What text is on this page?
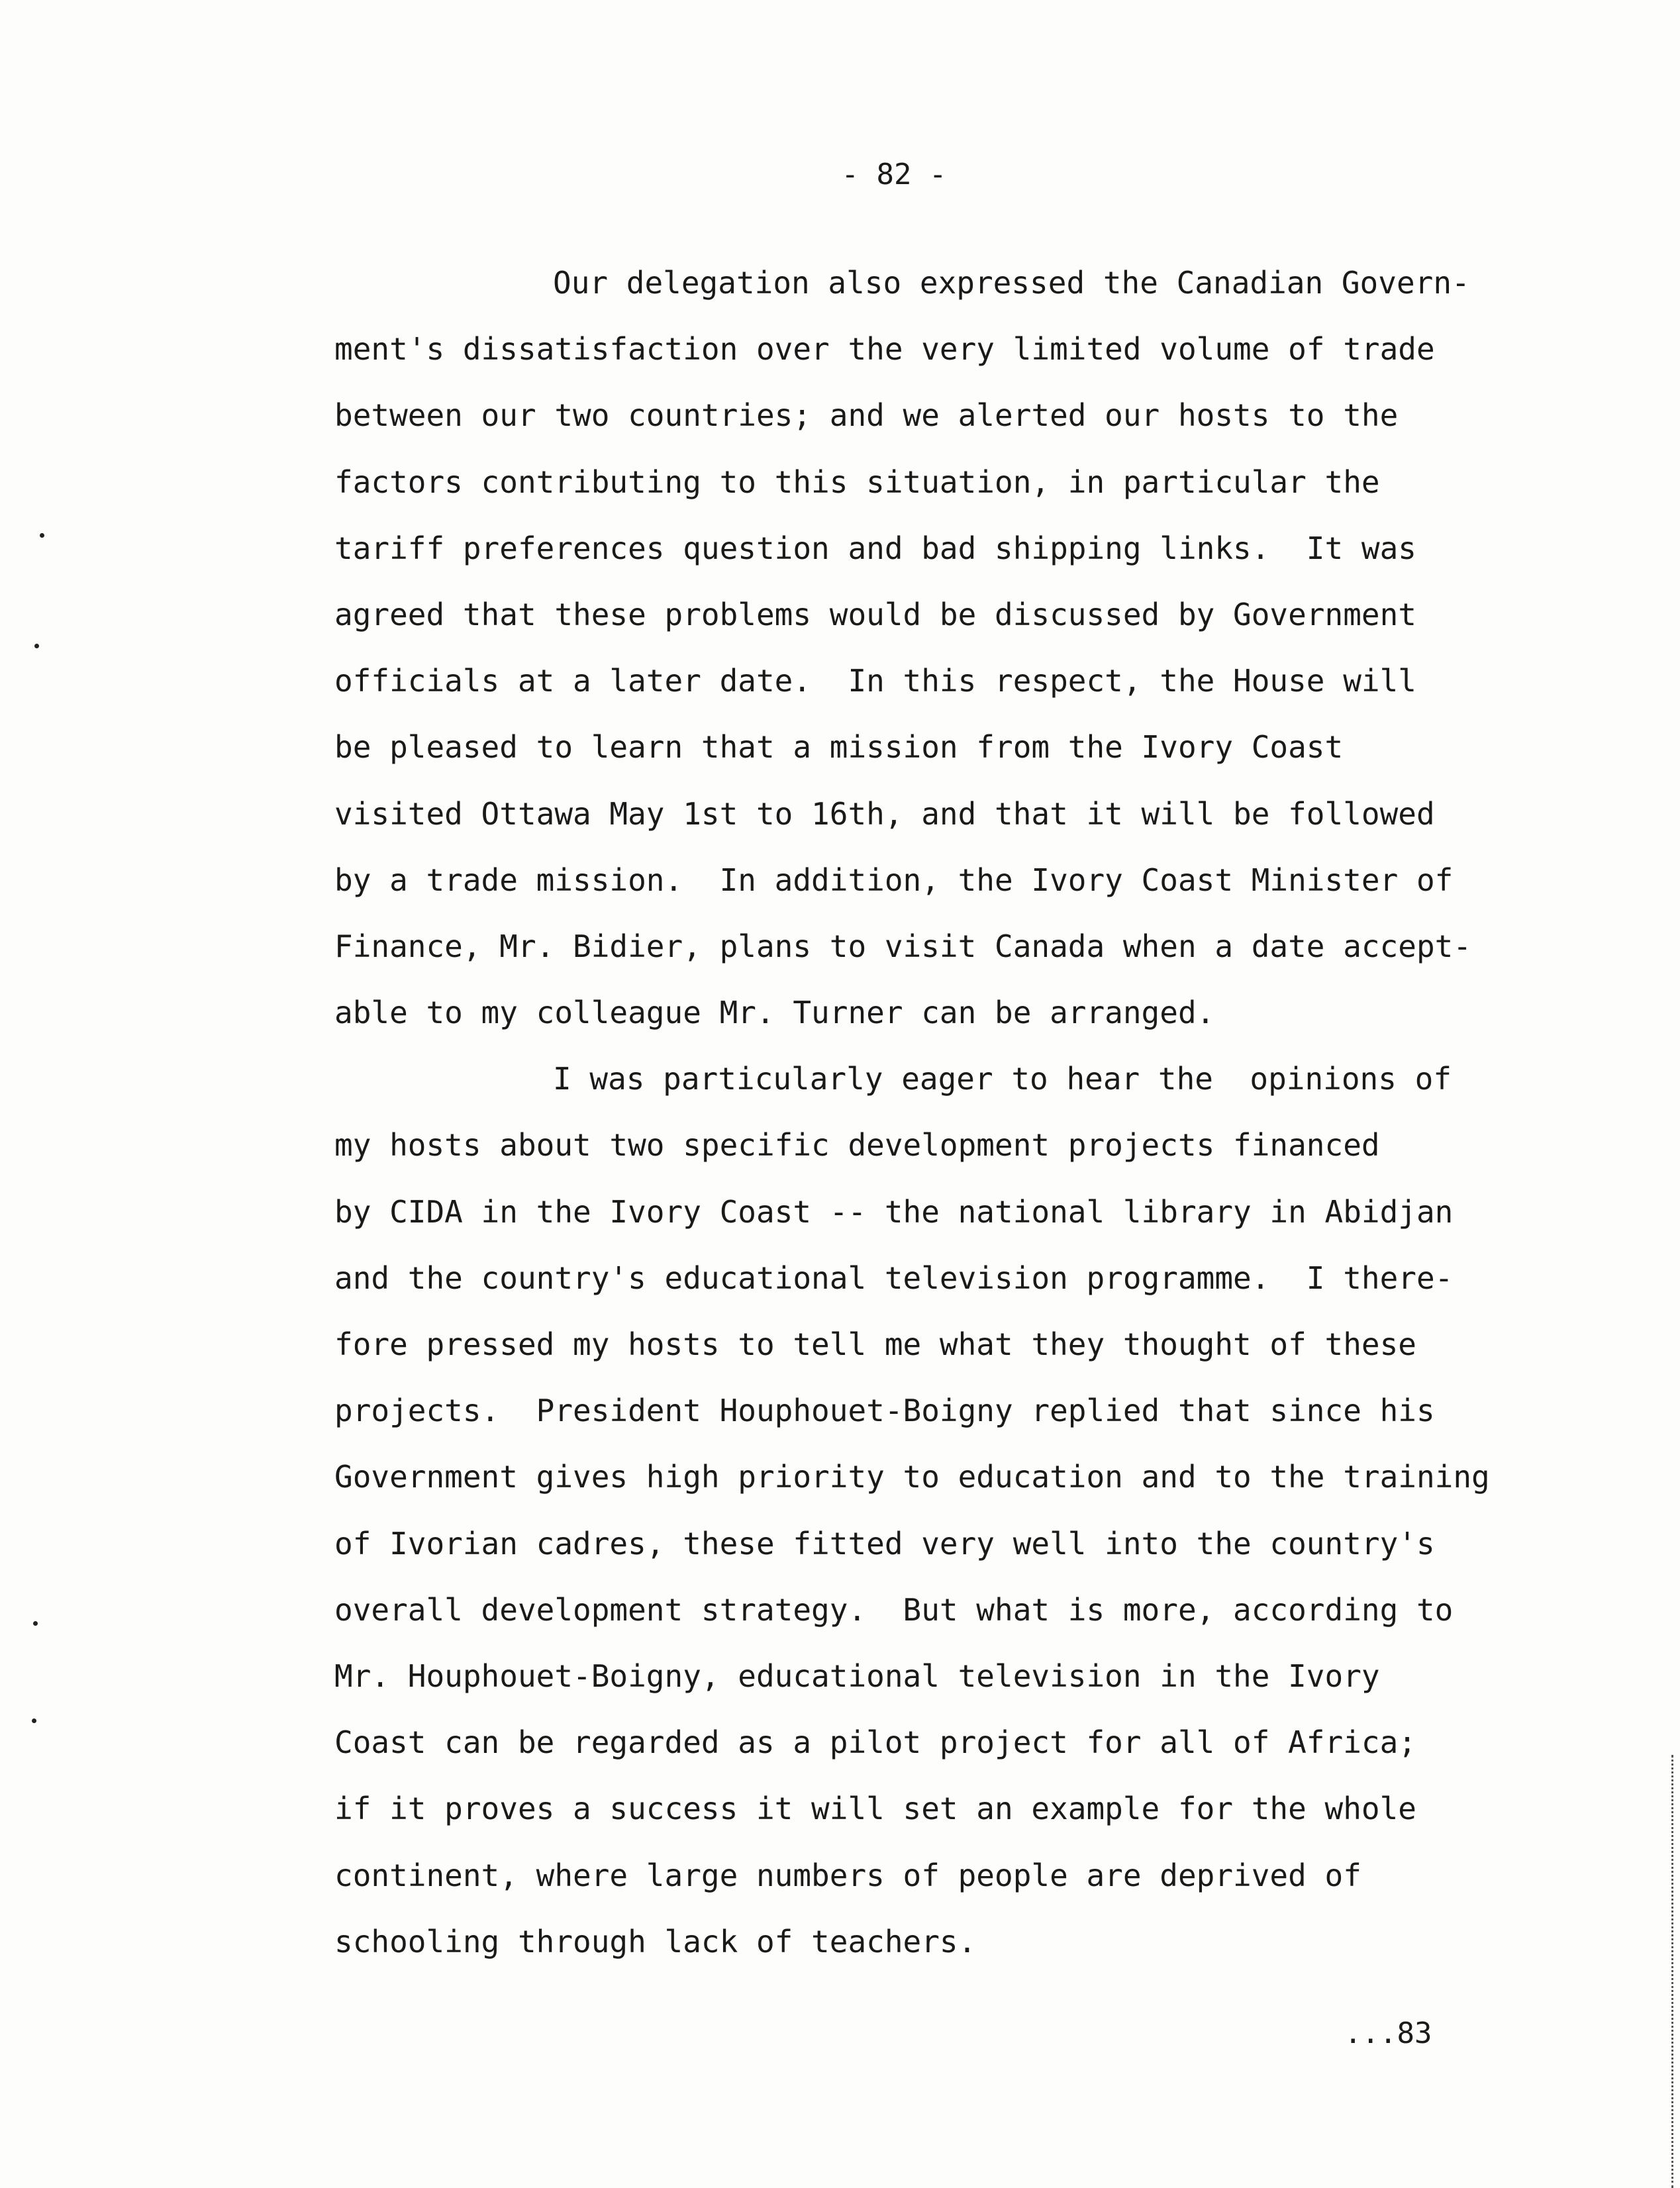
- 82 -
Our delegation also expressed the Canadian Govern-
ment's dissatisfaction over the very limited volume of trade
between our two countries; and we alerted our hosts to the
factors contributing to this situation, in particular the
tariff preferences question and bad shipping links.  It was
agreed that these problems would be discussed by Government
officials at a later date.  In this respect, the House will
be pleased to learn that a mission from the Ivory Coast
visited Ottawa May 1st to 16th, and that it will be followed
by a trade mission.  In addition, the Ivory Coast Minister of
Finance, Mr. Bidier, plans to visit Canada when a date accept-
able to my colleague Mr. Turner can be arranged.
I was particularly eager to hear the  opinions of
my hosts about two specific development projects financed
by CIDA in the Ivory Coast -- the national library in Abidjan
and the country's educational television programme.  I there-
fore pressed my hosts to tell me what they thought of these
projects.  President Houphouet-Boigny replied that since his
Government gives high priority to education and to the training
of Ivorian cadres, these fitted very well into the country's
overall development strategy.  But what is more, according to
Mr. Houphouet-Boigny, educational television in the Ivory
Coast can be regarded as a pilot project for all of Africa;
if it proves a success it will set an example for the whole
continent, where large numbers of people are deprived of
schooling through lack of teachers.
...83
